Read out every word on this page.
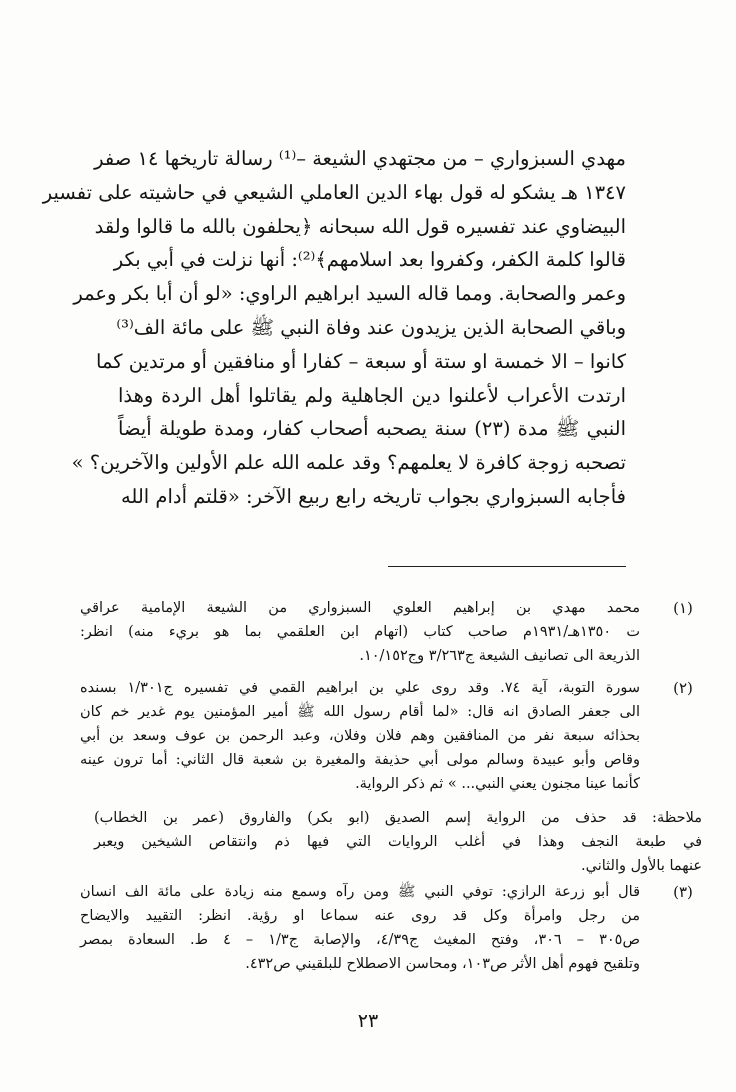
مهدي السبزواري – من مجتهدي الشيعة –⁽¹⁾ رسالة تاريخها ١٤ صفر
١٣٤٧ هـ يشكو له قول بهاء الدين العاملي الشيعي في حاشيته على تفسير
البيضاوي عند تفسيره قول الله سبحانه ﴿يحلفون بالله ما قالوا ولقد
قالوا كلمة الكفر، وكفروا بعد اسلامهم﴾⁽²⁾: أنها نزلت في أبي بكر
وعمر والصحابة. ومما قاله السيد ابراهيم الراوي: «لو أن أبا بكر وعمر
وباقي الصحابة الذين يزيدون عند وفاة النبي ﷺ على مائة الف⁽³⁾
كانوا – الا خمسة او ستة أو سبعة – كفارا أو منافقين أو مرتدين كما
ارتدت الأعراب لأعلنوا دين الجاهلية ولم يقاتلوا أهل الردة وهذا
النبي ﷺ مدة (٢٣) سنة يصحبه أصحاب كفار، ومدة طويلة أيضاً
تصحبه زوجة كافرة لا يعلمهم؟ وقد علمه الله علم الأولين والآخرين؟ »
فأجابه السبزواري بجواب تاريخه رابع ربيع الآخر: «قلتم أدام الله
(١)
محمد مهدي بن إبراهيم العلوي السبزواري من الشيعة الإمامية عراقي
ت ١٣٥٠هـ/١٩٣١م صاحب كتاب (اتهام ابن العلقمي بما هو بريء منه) انظر:
الذريعة الى تصانيف الشيعة ج٣/٢٦٣ وج١٠/١٥٢.
(٢)
سورة التوبة، آية ٧٤. وقد روى علي بن ابراهيم القمي في تفسيره ج١/٣٠١ بسنده
الى جعفر الصادق انه قال: «لما أقام رسول الله ﷺ أمير المؤمنين يوم غدير خم كان
بحذائه سبعة نفر من المنافقين وهم فلان وفلان، وعبد الرحمن بن عوف وسعد بن أبي
وقاص وأبو عبيدة وسالم مولى أبي حذيفة والمغيرة بن شعبة قال الثاني: أما ترون عينه
كأنما عينا مجنون يعني النبي... » ثم ذكر الرواية.
ملاحظة: قد حذف من الرواية إسم الصديق (ابو بكر) والفاروق (عمر بن الخطاب)
في طبعة النجف وهذا في أغلب الروايات التي فيها ذم وانتقاص الشيخين ويعبر
عنهما بالأول والثاني.
(٣)
قال أبو زرعة الرازي: توفي النبي ﷺ ومن رآه وسمع منه زيادة على مائة الف انسان
من رجل وامرأة وكل قد روى عنه سماعا او رؤية. انظر: التقييد والايضاح
ص٣٠٥ – ٣٠٦، وفتح المغيث ج٤/٣٩، والإصابة ج١/٣ – ٤ ط. السعادة بمصر
وتلقيح فهوم أهل الأثر ص١٠٣، ومحاسن الاصطلاح للبلقيني ص٤٣٢.
٢٣
